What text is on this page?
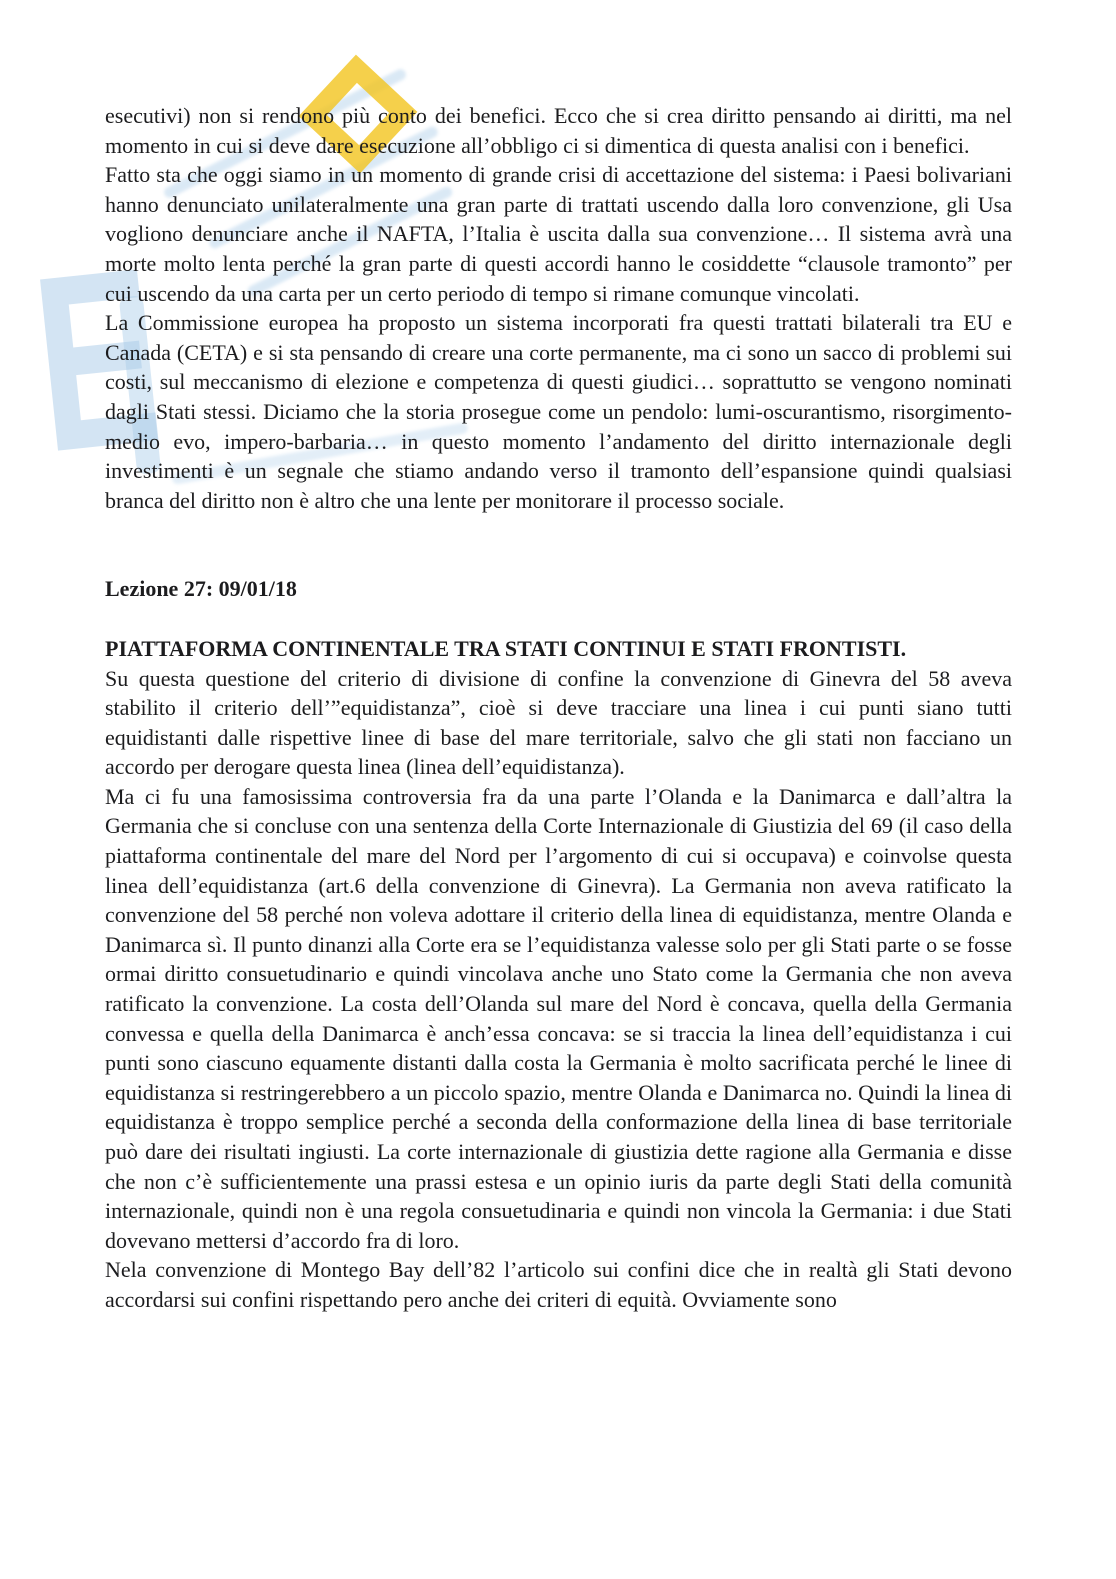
E

esecutivi) non si rendono più conto dei benefici. Ecco che si crea diritto pensando ai diritti, ma nel momento in cui si deve dare esecuzione all’obbligo ci si dimentica di questa analisi con i benefici.

Fatto sta che oggi siamo in un momento di grande crisi di accettazione del sistema: i Paesi bolivariani hanno denunciato unilateralmente una gran parte di trattati uscendo dalla loro convenzione, gli Usa vogliono denunciare anche il NAFTA, l’Italia è uscita dalla sua convenzione… Il sistema avrà una morte molto lenta perché la gran parte di questi accordi hanno le cosiddette “clausole tramonto” per cui uscendo da una carta per un certo periodo di tempo si rimane comunque vincolati.

La Commissione europea ha proposto un sistema incorporati fra questi trattati bilaterali tra EU e Canada (CETA) e si sta pensando di creare una corte permanente, ma ci sono un sacco di problemi sui costi, sul meccanismo di elezione e competenza di questi giudici… soprattutto se vengono nominati dagli Stati stessi. Diciamo che la storia prosegue come un pendolo: lumi-oscurantismo, risorgimento-medio evo, impero-barbaria… in questo momento l’andamento del diritto internazionale degli investimenti è un segnale che stiamo andando verso il tramonto dell’espansione quindi qualsiasi branca del diritto non è altro che una lente per monitorare il processo sociale.

Lezione 27: 09/01/18

PIATTAFORMA CONTINENTALE TRA STATI CONTINUI E STATI FRONTISTI.

Su questa questione del criterio di divisione di confine la convenzione di Ginevra del 58 aveva stabilito il criterio dell’”equidistanza”, cioè si deve tracciare una linea i cui punti siano tutti equidistanti dalle rispettive linee di base del mare territoriale, salvo che gli stati non facciano un accordo per derogare questa linea (linea dell’equidistanza).

Ma ci fu una famosissima controversia fra da una parte l’Olanda e la Danimarca e dall’altra la Germania che si concluse con una sentenza della Corte Internazionale di Giustizia del 69 (il caso della piattaforma continentale del mare del Nord per l’argomento di cui si occupava) e coinvolse questa linea dell’equidistanza (art.6 della convenzione di Ginevra). La Germania non aveva ratificato la convenzione del 58 perché non voleva adottare il criterio della linea di equidistanza, mentre Olanda e Danimarca sì. Il punto dinanzi alla Corte era se l’equidistanza valesse solo per gli Stati parte o se fosse ormai diritto consuetudinario e quindi vincolava anche uno Stato come la Germania che non aveva ratificato la convenzione. La costa dell’Olanda sul mare del Nord è concava, quella della Germania convessa e quella della Danimarca è anch’essa concava: se si traccia la linea dell’equidistanza i cui punti sono ciascuno equamente distanti dalla costa la Germania è molto sacrificata perché le linee di equidistanza si restringerebbero a un piccolo spazio, mentre Olanda e Danimarca no. Quindi la linea di equidistanza è troppo semplice perché a seconda della conformazione della linea di base territoriale può dare dei risultati ingiusti. La corte internazionale di giustizia dette ragione alla Germania e disse che non c’è sufficientemente una prassi estesa e un opinio iuris da parte degli Stati della comunità internazionale, quindi non è una regola consuetudinaria e quindi non vincola la Germania: i due Stati dovevano mettersi d’accordo fra di loro.

Nela convenzione di Montego Bay dell’82 l’articolo sui confini dice che in realtà gli Stati devono accordarsi sui confini rispettando pero anche dei criteri di equità. Ovviamente sono
